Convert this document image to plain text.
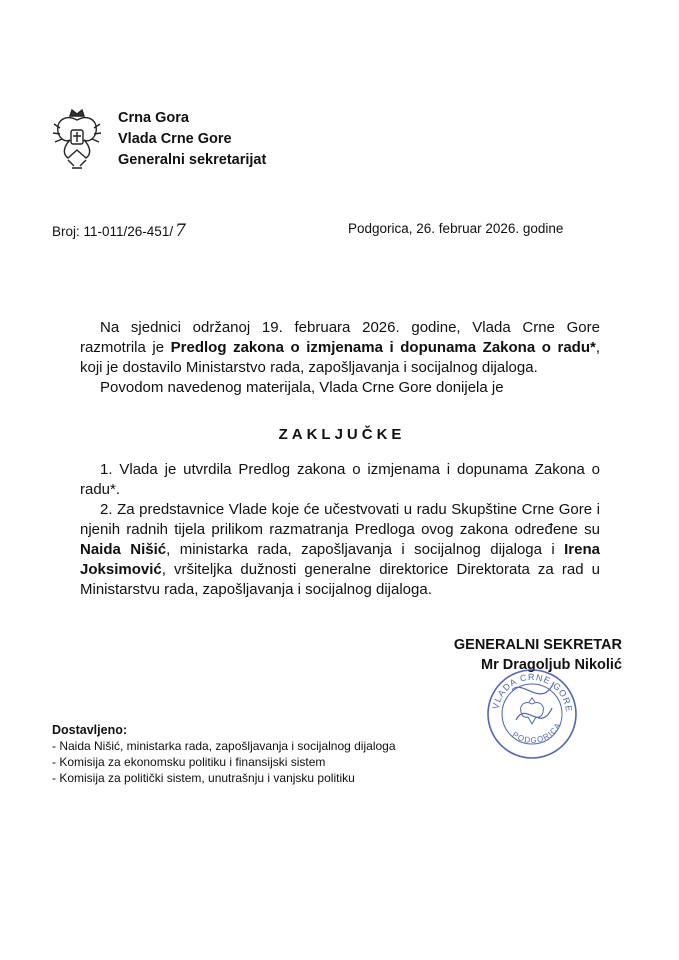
Crna Gora
Vlada Crne Gore
Generalni sekretarijat
Broj: 11-011/26-451/ 7	Podgorica, 26. februar 2026. godine
Na sjednici održanoj 19. februara 2026. godine, Vlada Crne Gore razmotrila je Predlog zakona o izmjenama i dopunama Zakona o radu*, koji je dostavilo Ministarstvo rada, zapošljavanja i socijalnog dijaloga.
Povodom navedenog materijala, Vlada Crne Gore donijela je
ZAKLJUČKE
1. Vlada je utvrdila Predlog zakona o izmjenama i dopunama Zakona o radu*.
2. Za predstavnice Vlade koje će učestvovati u radu Skupštine Crne Gore i njenih radnih tijela prilikom razmatranja Predloga ovog zakona određene su Naida Nišić, ministarka rada, zapošljavanja i socijalnog dijaloga i Irena Joksimović, vršiteljka dužnosti generalne direktorice Direktorata za rad u Ministarstvu rada, zapošljavanja i socijalnog dijaloga.
GENERALNI SEKRETAR
Mr Dragoljub Nikolić
VLADA CRNE GORE
PODGORICA
Dostavljeno:
- Naida Nišić, ministarka rada, zapošljavanja i socijalnog dijaloga
- Komisija za ekonomsku politiku i finansijski sistem
- Komisija za politički sistem, unutrašnju i vanjsku politiku
